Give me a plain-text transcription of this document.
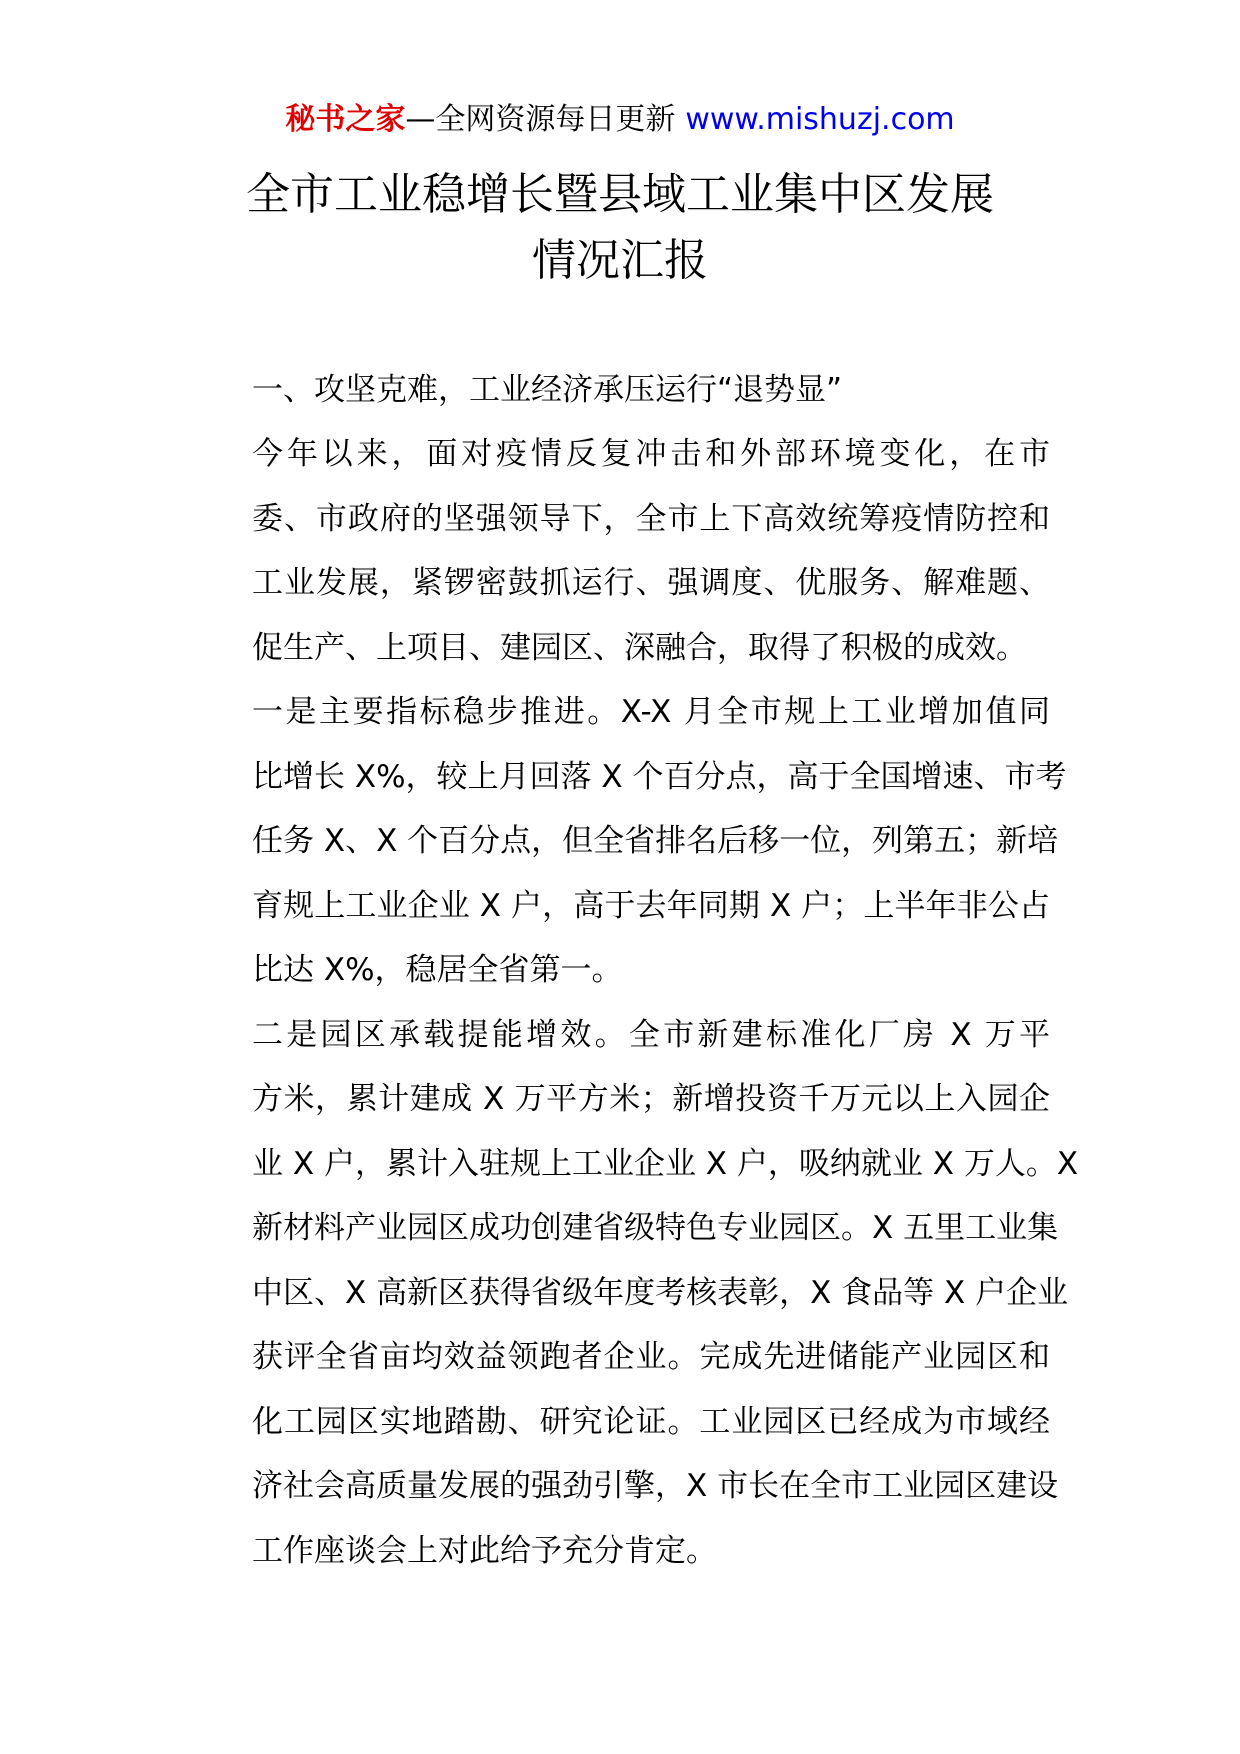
秘书之家—全网资源每日更新 www.mishuzj.com
全市工业稳增长暨县域工业集中区发展
情况汇报

一、攻坚克难，工业经济承压运行“退势显”

今年以来，面对疫情反复冲击和外部环境变化，在市
委、市政府的坚强领导下，全市上下高效统筹疫情防控和
工业发展，紧锣密鼓抓运行、强调度、优服务、解难题、
促生产、上项目、建园区、深融合，取得了积极的成效。

一是主要指标稳步推进。X-X 月全市规上工业增加值同
比增长 X%，较上月回落 X 个百分点，高于全国增速、市考
任务 X、X 个百分点，但全省排名后移一位，列第五；新培
育规上工业企业 X 户，高于去年同期 X 户；上半年非公占
比达 X%，稳居全省第一。

二是园区承载提能增效。全市新建标准化厂房 X 万平
方米，累计建成 X 万平方米；新增投资千万元以上入园企
业 X 户，累计入驻规上工业企业 X 户，吸纳就业 X 万人。X
新材料产业园区成功创建省级特色专业园区。X 五里工业集
中区、X 高新区获得省级年度考核表彰，X 食品等 X 户企业
获评全省亩均效益领跑者企业。完成先进储能产业园区和
化工园区实地踏勘、研究论证。工业园区已经成为市域经
济社会高质量发展的强劲引擎，X 市长在全市工业园区建设
工作座谈会上对此给予充分肯定。
